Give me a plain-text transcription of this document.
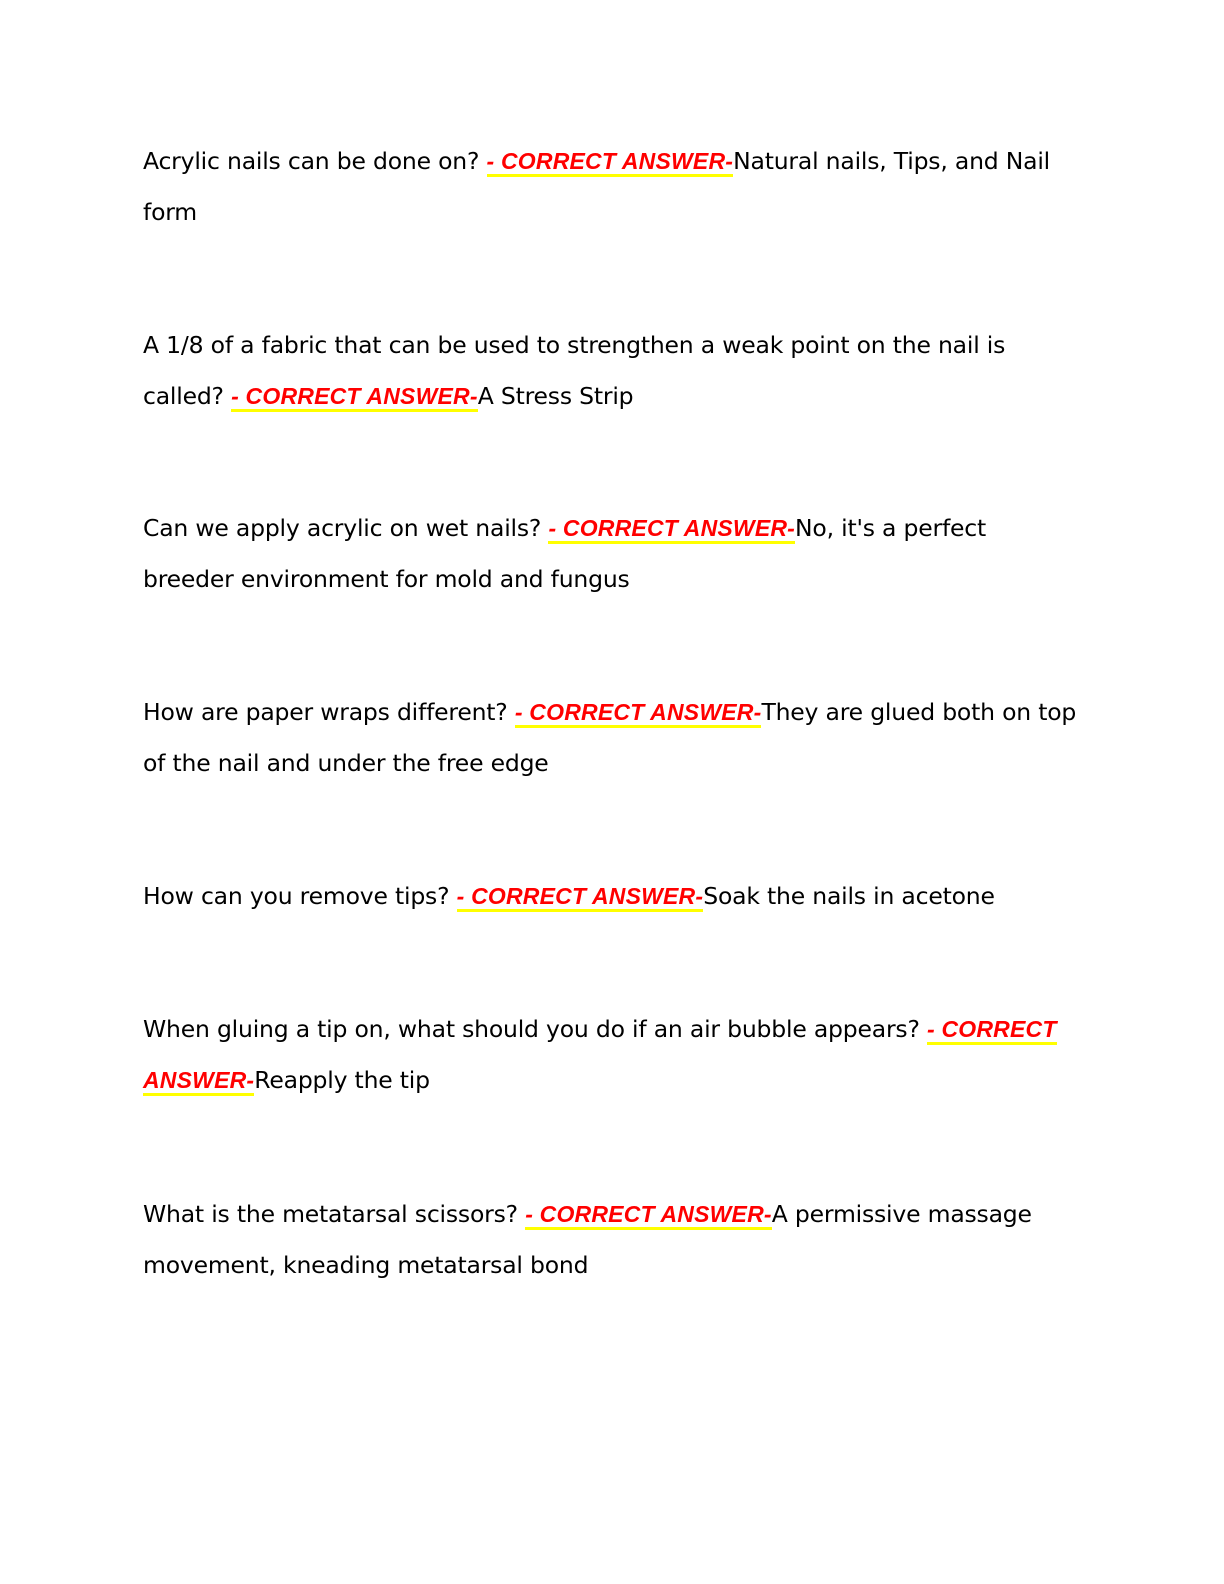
Acrylic nails can be done on? - CORRECT ANSWER-Natural nails, Tips, and Nail form

A 1/8 of a fabric that can be used to strengthen a weak point on the nail is called? - CORRECT ANSWER-A Stress Strip

Can we apply acrylic on wet nails? - CORRECT ANSWER-No, it's a perfect breeder environment for mold and fungus

How are paper wraps different? - CORRECT ANSWER-They are glued both on top of the nail and under the free edge

How can you remove tips? - CORRECT ANSWER-Soak the nails in acetone

When gluing a tip on, what should you do if an air bubble appears? - CORRECT ANSWER-Reapply the tip

What is the metatarsal scissors? - CORRECT ANSWER-A permissive massage movement, kneading metatarsal bond
